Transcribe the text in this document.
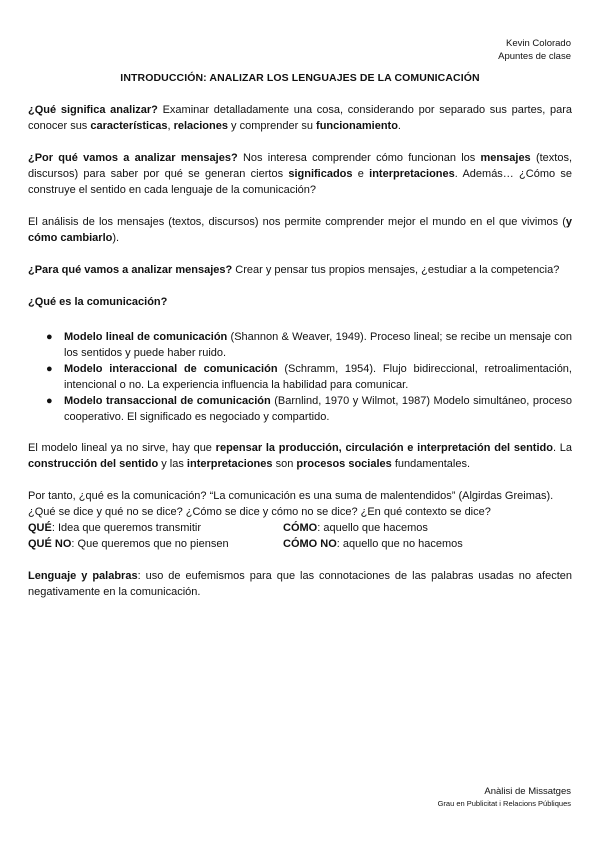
Kevin Colorado
Apuntes de clase
INTRODUCCIÓN: ANALIZAR LOS LENGUAJES DE LA COMUNICACIÓN
¿Qué significa analizar? Examinar detalladamente una cosa, considerando por separado sus partes, para conocer sus características, relaciones y comprender su funcionamiento.
¿Por qué vamos a analizar mensajes? Nos interesa comprender cómo funcionan los mensajes (textos, discursos) para saber por qué se generan ciertos significados e interpretaciones. Además… ¿Cómo se construye el sentido en cada lenguaje de la comunicación?
El análisis de los mensajes (textos, discursos) nos permite comprender mejor el mundo en el que vivimos (y cómo cambiarlo).
¿Para qué vamos a analizar mensajes? Crear y pensar tus propios mensajes, ¿estudiar a la competencia?
¿Qué es la comunicación?
● Modelo lineal de comunicación (Shannon & Weaver, 1949). Proceso lineal; se recibe un mensaje con los sentidos y puede haber ruido.
● Modelo interaccional de comunicación (Schramm, 1954). Flujo bidireccional, retroalimentación, intencional o no. La experiencia influencia la habilidad para comunicar.
● Modelo transaccional de comunicación (Barnlind, 1970 y Wilmot, 1987) Modelo simultáneo, proceso cooperativo. El significado es negociado y compartido.
El modelo lineal ya no sirve, hay que repensar la producción, circulación e interpretación del sentido. La construcción del sentido y las interpretaciones son procesos sociales fundamentales.
Por tanto, ¿qué es la comunicación? “La comunicación es una suma de malentendidos” (Algirdas Greimas).
¿Qué se dice y qué no se dice? ¿Cómo se dice y cómo no se dice? ¿En qué contexto se dice?
QUÉ: Idea que queremos transmitir	CÓMO: aquello que hacemos
QUÉ NO: Que queremos que no piensen	CÓMO NO: aquello que no hacemos
Lenguaje y palabras: uso de eufemismos para que las connotaciones de las palabras usadas no afecten negativamente en la comunicación.
Anàlisi de Missatges
Grau en Publicitat i Relacions Públiques
